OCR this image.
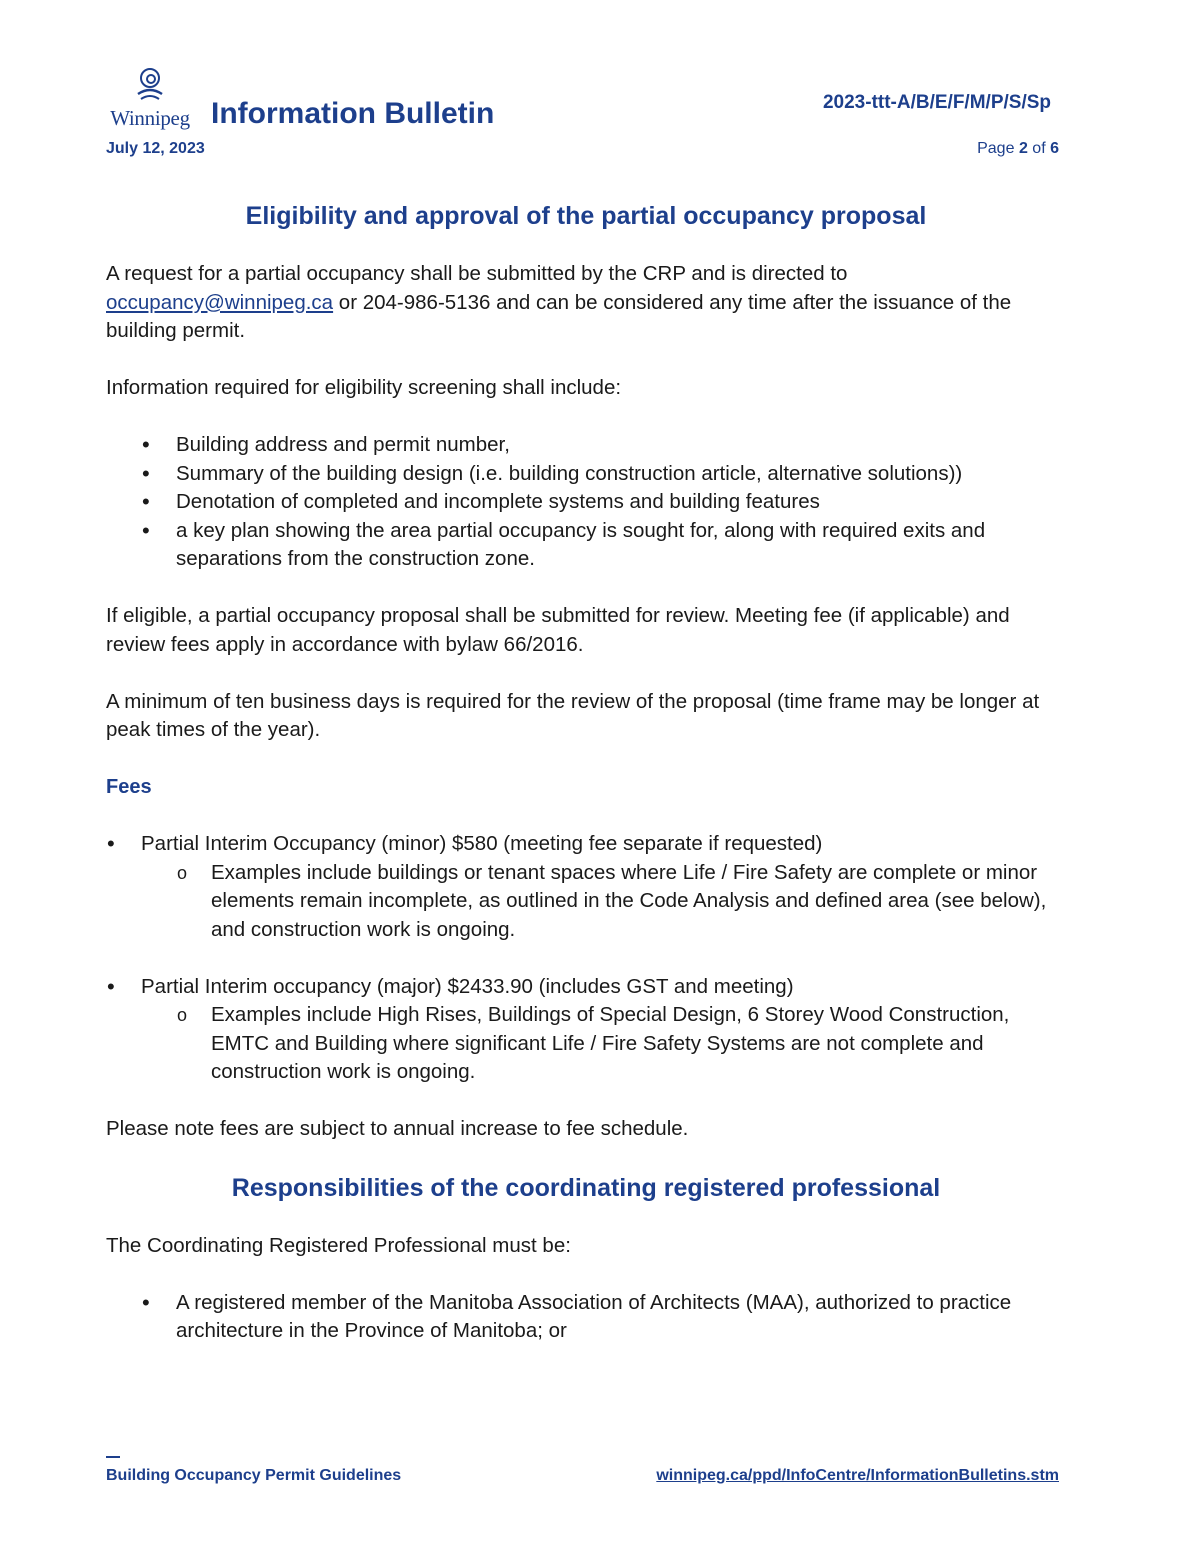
Winnipeg Information Bulletin	2023-ttt-A/B/E/F/M/P/S/Sp
July 12, 2023	Page 2 of 6
Eligibility and approval of the partial occupancy proposal

A request for a partial occupancy shall be submitted by the CRP and is directed to occupancy@winnipeg.ca or 204-986-5136 and can be considered any time after the issuance of the building permit.

Information required for eligibility screening shall include:

• Building address and permit number,
• Summary of the building design (i.e. building construction article, alternative solutions))
• Denotation of completed and incomplete systems and building features
• a key plan showing the area partial occupancy is sought for, along with required exits and separations from the construction zone.

If eligible, a partial occupancy proposal shall be submitted for review. Meeting fee (if applicable) and review fees apply in accordance with bylaw 66/2016.

A minimum of ten business days is required for the review of the proposal (time frame may be longer at peak times of the year).

Fees
• Partial Interim Occupancy (minor) $580 (meeting fee separate if requested)
o Examples include buildings or tenant spaces where Life / Fire Safety are complete or minor elements remain incomplete, as outlined in the Code Analysis and defined area (see below), and construction work is ongoing.
• Partial Interim occupancy (major) $2433.90 (includes GST and meeting)
o Examples include High Rises, Buildings of Special Design, 6 Storey Wood Construction, EMTC and Building where significant Life / Fire Safety Systems are not complete and construction work is ongoing.

Please note fees are subject to annual increase to fee schedule.

Responsibilities of the coordinating registered professional

The Coordinating Registered Professional must be:

• A registered member of the Manitoba Association of Architects (MAA), authorized to practice architecture in the Province of Manitoba; or
Building Occupancy Permit Guidelines	winnipeg.ca/ppd/InfoCentre/InformationBulletins.stm
